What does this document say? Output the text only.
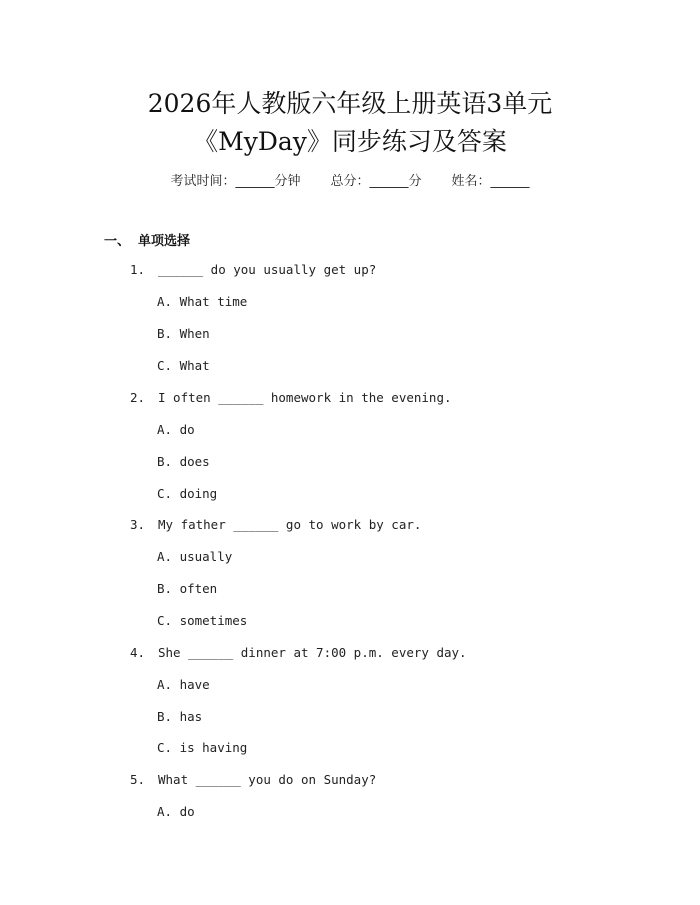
2026年人教版六年级上册英语3单元
《MyDay》同步练习及答案
考试时间：______分钟 总分：______分 姓名：______
一、 单项选择
1. ______ do you usually get up?
A. What time
B. When
C. What
2. I often ______ homework in the evening.
A. do
B. does
C. doing
3. My father ______ go to work by car.
A. usually
B. often
C. sometimes
4. She ______ dinner at 7:00 p.m. every day.
A. have
B. has
C. is having
5. What ______ you do on Sunday?
A. do
